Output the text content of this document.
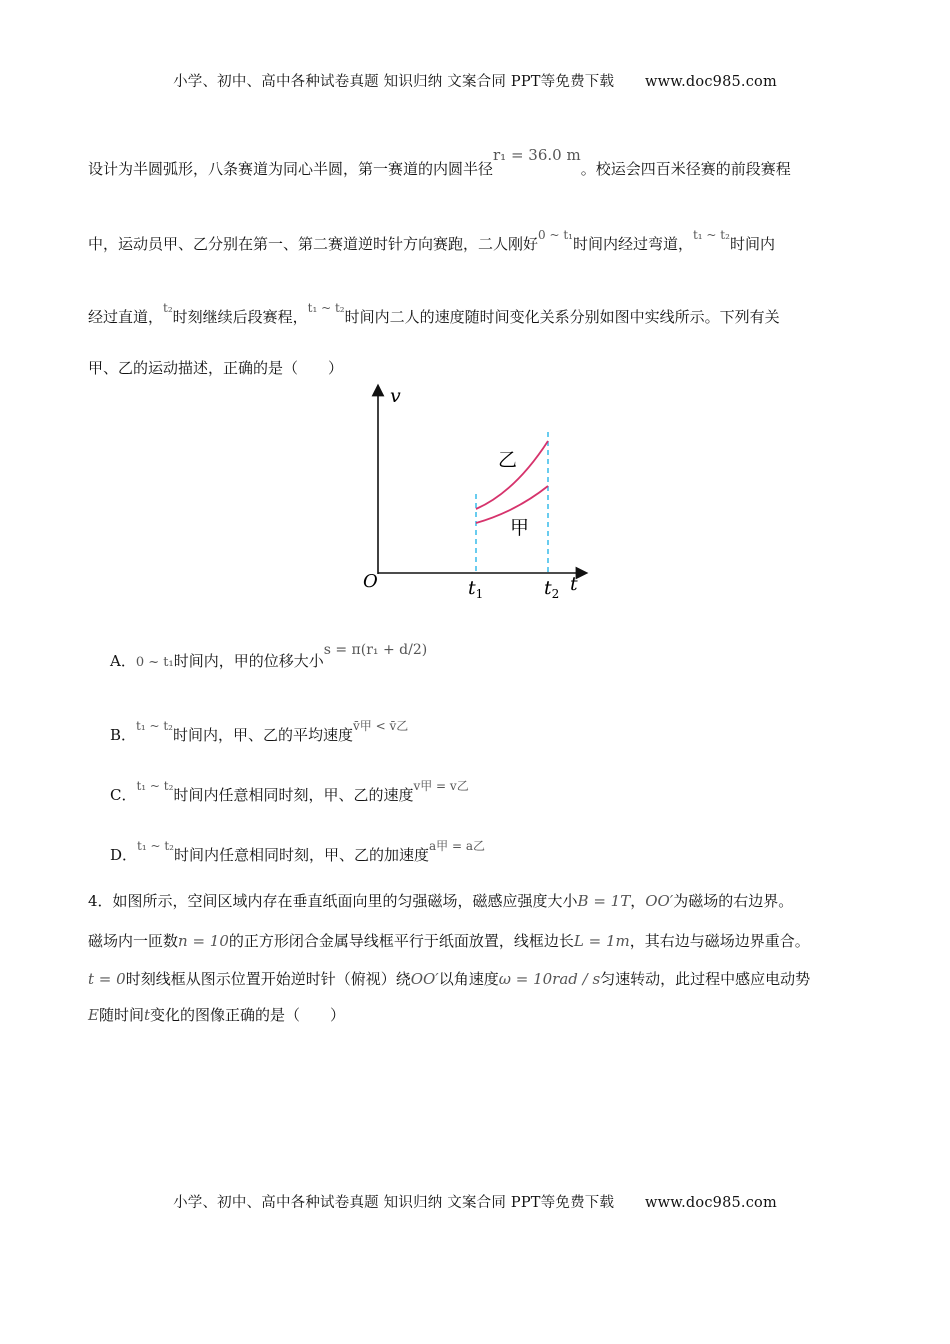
小学、初中、高中各种试卷真题 知识归纳 文案合同 PPT等免费下载 www.doc985.com
设计为半圆弧形，八条赛道为同心半圆，第一赛道的内圆半径r₁ = 36.0 m。校运会四百米径赛的前段赛程
中，运动员甲、乙分别在第一、第二赛道逆时针方向赛跑，二人刚好$^{0 \sim t_1}$时间内经过弯道，$^{t_1 \sim t_2}$时间内
经过直道，$^{t_2}$时刻继续后段赛程，$^{t_1 \sim t_2}$时间内二人的速度随时间变化关系分别如图中实线所示。下列有关
甲、乙的运动描述，正确的是（　　）
v
t
O
乙
甲
$t_1$	$t_2$
A．0 ~ t₁时间内，甲的位移大小s = π(r₁ + d/2)
B．$^{t_1 \sim t_2}$时间内，甲、乙的平均速度$^{v̄甲 < v̄乙}$
C．$^{t_1 \sim t_2}$时间内任意相同时刻，甲、乙的速度$^{v甲 = v乙}$
D．$^{t_1 \sim t_2}$时间内任意相同时刻，甲、乙的加速度$^{a甲 = a乙}$
4．如图所示，空间区域内存在垂直纸面向里的匀强磁场，磁感应强度大小B = 1T，OO′为磁场的右边界。
磁场内一匝数n = 10的正方形闭合金属导线框平行于纸面放置，线框边长L = 1m，其右边与磁场边界重合。
t = 0时刻线框从图示位置开始逆时针（俯视）绕OO′以角速度ω = 10rad / s匀速转动，此过程中感应电动势
E随时间t变化的图像正确的是（　　）
小学、初中、高中各种试卷真题 知识归纳 文案合同 PPT等免费下载 www.doc985.com
